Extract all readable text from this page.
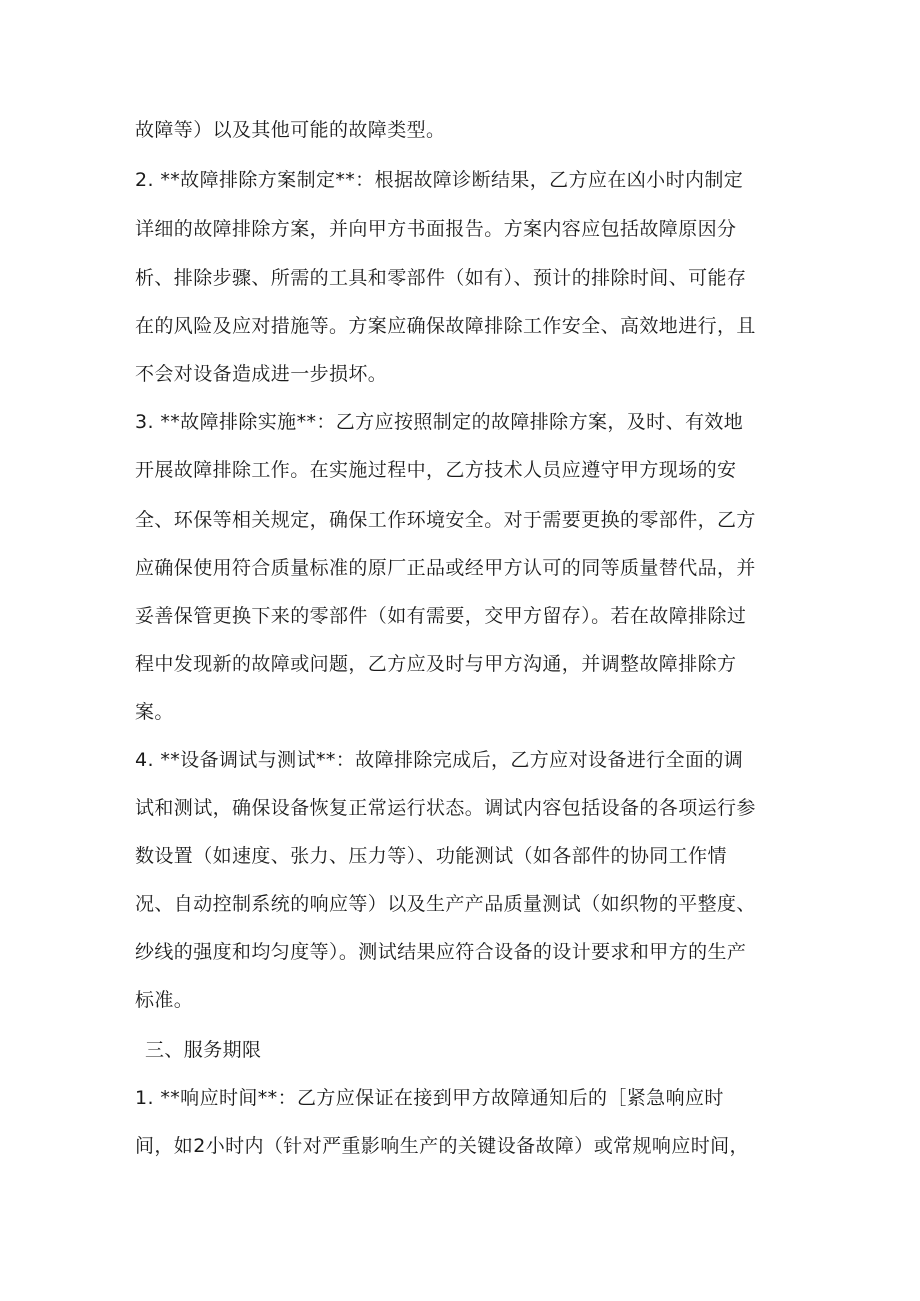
故障等）以及其他可能的故障类型。
2. **故障排除方案制定**：根据故障诊断结果，乙方应在凶小时内制定
详细的故障排除方案，并向甲方书面报告。方案内容应包括故障原因分
析、排除步骤、所需的工具和零部件（如有）、预计的排除时间、可能存
在的风险及应对措施等。方案应确保故障排除工作安全、高效地进行，且
不会对设备造成进一步损坏。
3. **故障排除实施**：乙方应按照制定的故障排除方案，及时、有效地
开展故障排除工作。在实施过程中，乙方技术人员应遵守甲方现场的安
全、环保等相关规定，确保工作环境安全。对于需要更换的零部件，乙方
应确保使用符合质量标准的原厂正品或经甲方认可的同等质量替代品，并
妥善保管更换下来的零部件（如有需要，交甲方留存）。若在故障排除过
程中发现新的故障或问题，乙方应及时与甲方沟通，并调整故障排除方
案。
4. **设备调试与测试**：故障排除完成后，乙方应对设备进行全面的调
试和测试，确保设备恢复正常运行状态。调试内容包括设备的各项运行参
数设置（如速度、张力、压力等）、功能测试（如各部件的协同工作情
况、自动控制系统的响应等）以及生产产品质量测试（如织物的平整度、
纱线的强度和均匀度等）。测试结果应符合设备的设计要求和甲方的生产
标准。
三、服务期限
1. **响应时间**：乙方应保证在接到甲方故障通知后的［紧急响应时
间，如2小时内（针对严重影响生产的关键设备故障）或常规响应时间，
